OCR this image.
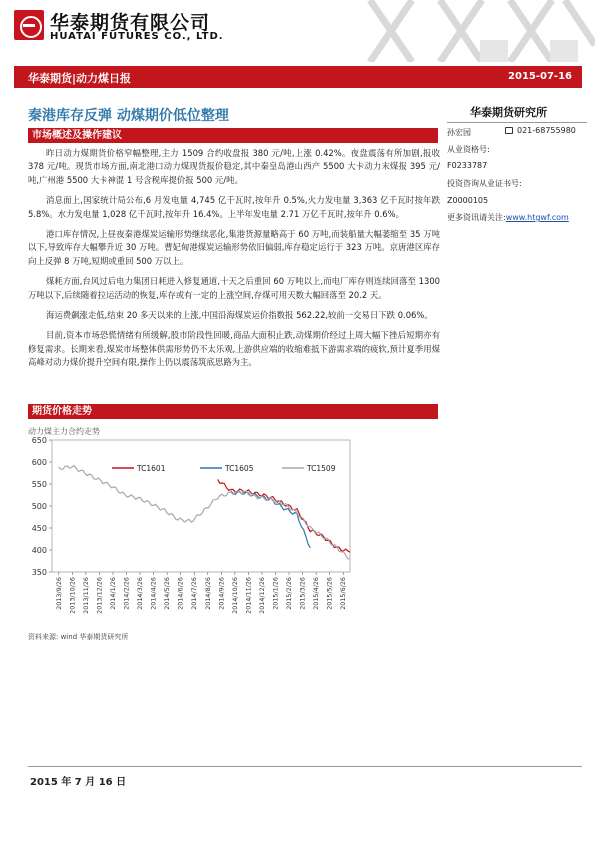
华泰期货有限公司
HUATAI FUTURES CO., LTD.
华泰期货|动力煤日报	2015-07-16
秦港库存反弹 动煤期价低位整理
市场概述及操作建议

昨日动力煤期货价格窄幅整理,主力 1509 合约收盘报 380 元/吨,上涨 0.42%。夜盘震荡有所加剧,报收 378 元/吨。现货市场方面,南北港口动力煤现货报价稳定,其中秦皇岛港山西产 5500 大卡动力末煤报 395 元/吨,广州港 5500 大卡神混 1 号含税库提价报 500 元/吨。

消息面上,国家统计局公布,6 月发电量 4,745 亿千瓦时,按年升 0.5%,火力发电量 3,363 亿千瓦时按年跌 5.8%。水力发电量 1,028 亿千瓦时,按年升 16.4%。上半年发电量 2.71 万亿千瓦时,按年升 0.6%。

港口库存情况,上昼夜秦港煤炭运输形势继续恶化,集港货源量略高于 60 万吨,而装船量大幅萎缩至 35 万吨以下,导致库存大幅攀升近 30 万吨。曹妃甸港煤炭运输形势依旧偏弱,库存稳定运行于 323 万吨。京唐港区库存向上反弹 8 万吨,短期或重回 500 万以上。

煤耗方面,台风过后电力集团日耗进入修复通道,十天之后重回 60 万吨以上,而电厂库存则连续回落至 1300 万吨以下,后续随着拉运活动的恢复,库存或有一定的上涨空间,存煤可用天数大幅回落至 20.2 天。

海运费飙涨走低,结束 20 多天以来的上涨,中国沿海煤炭运价指数报 562.22,较前一交易日下跌 0.06%。

目前,资本市场恐慌情绪有所缓解,股市阶段性回暖,商品大面积止跌,动煤期价经过上周大幅下挫后短期亦有修复需求。长期来看,煤炭市场整体供需形势仍不太乐观,上游供应端的收缩难抵下游需求端的疲软,预计夏季用煤高峰对动力煤价提升空间有限,操作上仍以震荡筑底思路为主。

华泰期货研究所
孙宏园	021-68755980
从业资格号:
F0233787
投资咨询从业证书号:
Z0000105
更多资讯请关注:www.htgwf.com
期货价格走势
动力煤主力合约走势
350
400
450
500
550
600
650
2013/9/26 2013/10/26 2013/11/26 2013/12/26 2014/1/26 2014/2/26 2014/3/26 2014/4/26 2014/5/26 2014/6/26 2014/7/26 2014/8/26 2014/9/26 2014/10/26 2014/11/26 2014/12/26 2015/1/26 2015/2/26 2015/3/26 2015/4/26 2015/5/26 2015/6/26
TC1601	TC1605	TC1509
资料来源: wind 华泰期货研究所
2015 年 7 月 16 日
